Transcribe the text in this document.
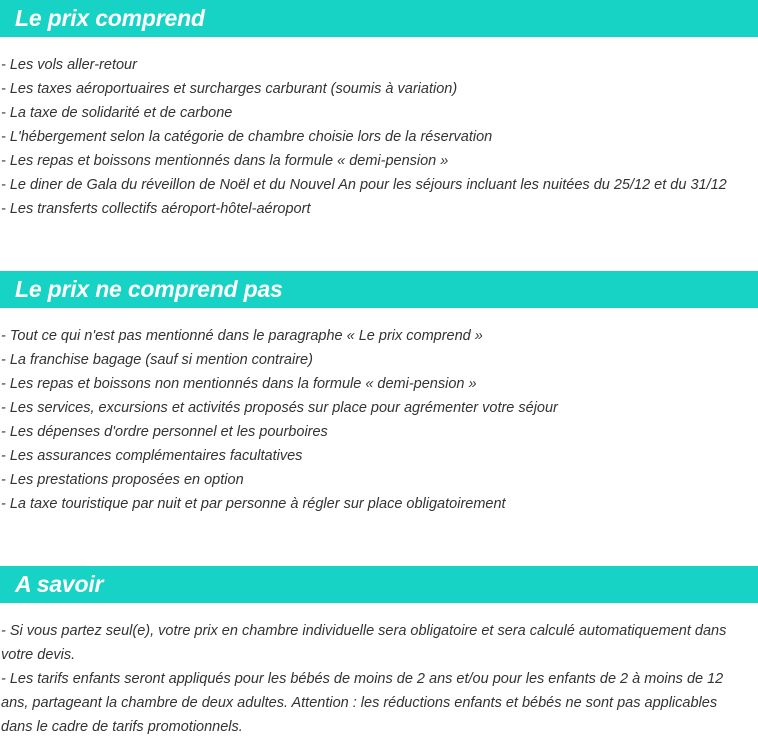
Le prix comprend
- Les vols aller-retour
- Les taxes aéroportuaires et surcharges carburant (soumis à variation)
- La taxe de solidarité et de carbone
- L'hébergement selon la catégorie de chambre choisie lors de la réservation
- Les repas et boissons mentionnés dans la formule « demi-pension »
- Le diner de Gala du réveillon de Noël et du Nouvel An pour les séjours incluant les nuitées du 25/12 et du 31/12
- Les transferts collectifs aéroport-hôtel-aéroport
Le prix ne comprend pas
- Tout ce qui n'est pas mentionné dans le paragraphe « Le prix comprend »
- La franchise bagage (sauf si mention contraire)
- Les repas et boissons non mentionnés dans la formule « demi-pension »
- Les services, excursions et activités proposés sur place pour agrémenter votre séjour
- Les dépenses d'ordre personnel et les pourboires
- Les assurances complémentaires facultatives
- Les prestations proposées en option
- La taxe touristique par nuit et par personne à régler sur place obligatoirement
A savoir
- Si vous partez seul(e), votre prix en chambre individuelle sera obligatoire et sera calculé automatiquement dans votre devis.
- Les tarifs enfants seront appliqués pour les bébés de moins de 2 ans et/ou pour les enfants de 2 à moins de 12 ans, partageant la chambre de deux adultes. Attention : les réductions enfants et bébés ne sont pas applicables dans le cadre de tarifs promotionnels.
